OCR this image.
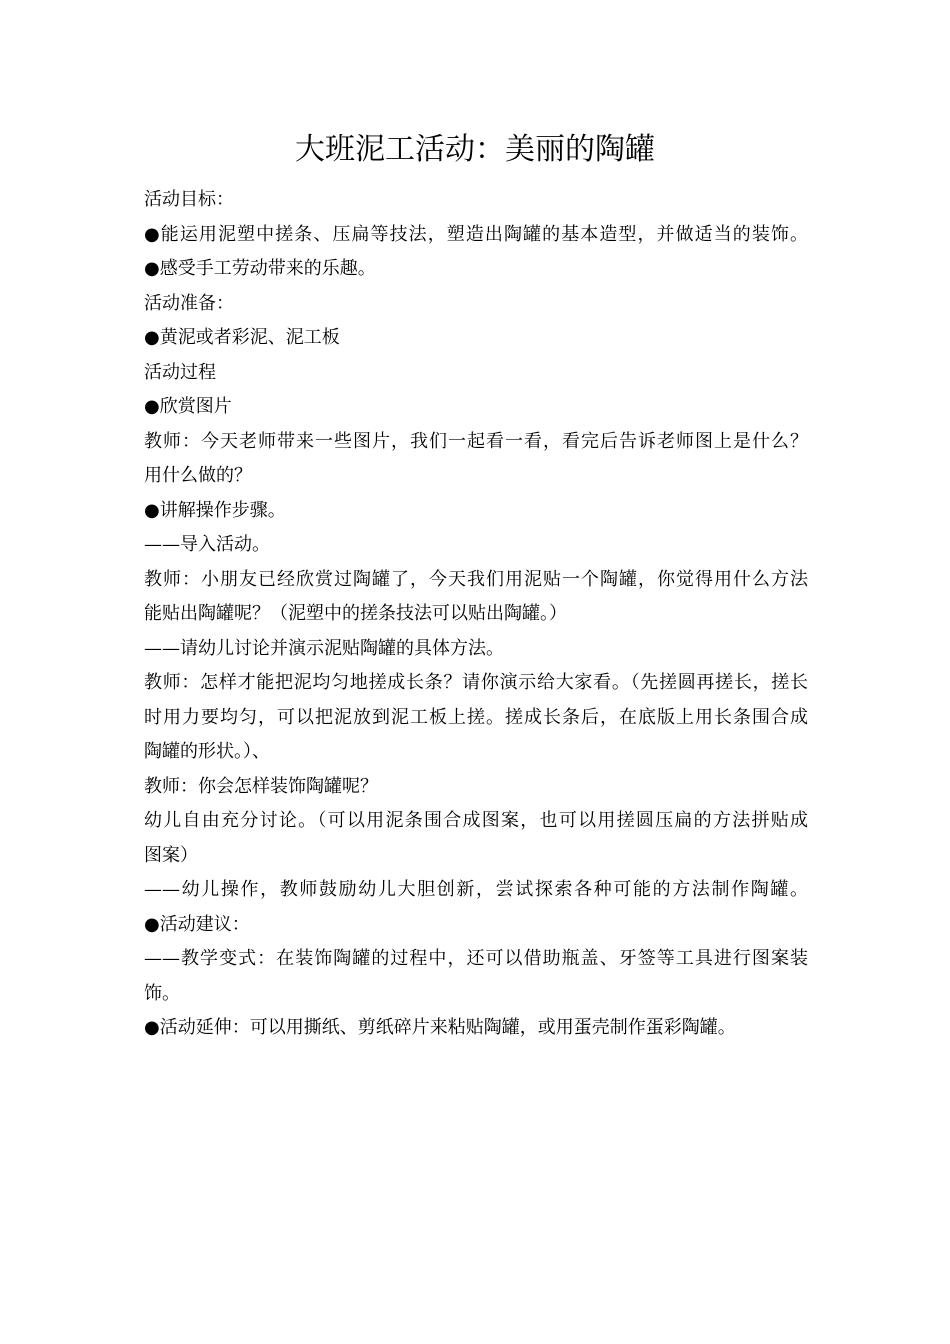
大班泥工活动：美丽的陶罐
活动目标：
●能运用泥塑中搓条、压扁等技法，塑造出陶罐的基本造型，并做适当的装饰。
●感受手工劳动带来的乐趣。
活动准备：
●黄泥或者彩泥、泥工板
活动过程
●欣赏图片
教师：今天老师带来一些图片，我们一起看一看，看完后告诉老师图上是什么？
用什么做的？
●讲解操作步骤。
——导入活动。
教师：小朋友已经欣赏过陶罐了，今天我们用泥贴一个陶罐，你觉得用什么方法
能贴出陶罐呢？（泥塑中的搓条技法可以贴出陶罐。）
——请幼儿讨论并演示泥贴陶罐的具体方法。
教师：怎样才能把泥均匀地搓成长条？请你演示给大家看。（先搓圆再搓长，搓长
时用力要均匀，可以把泥放到泥工板上搓。搓成长条后，在底版上用长条围合成
陶罐的形状。）、
教师：你会怎样装饰陶罐呢？
幼儿自由充分讨论。（可以用泥条围合成图案，也可以用搓圆压扁的方法拼贴成
图案）
——幼儿操作，教师鼓励幼儿大胆创新，尝试探索各种可能的方法制作陶罐。
●活动建议：
——教学变式：在装饰陶罐的过程中，还可以借助瓶盖、牙签等工具进行图案装
饰。
●活动延伸：可以用撕纸、剪纸碎片来粘贴陶罐，或用蛋壳制作蛋彩陶罐。
